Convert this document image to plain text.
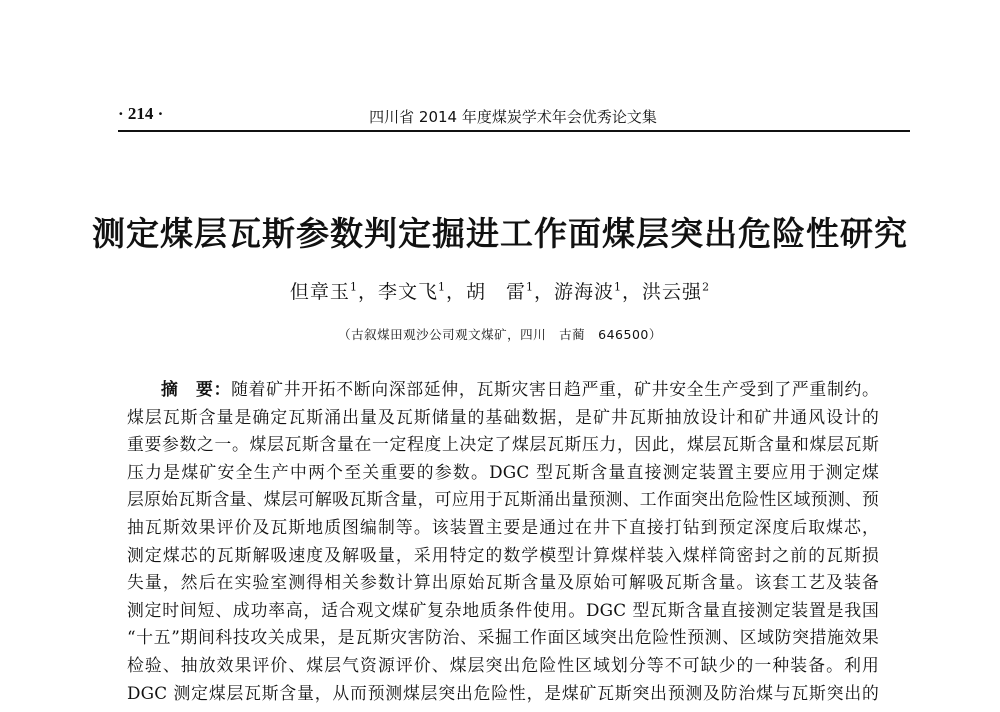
· 214 ·	四川省 2014 年度煤炭学术年会优秀论文集
测定煤层瓦斯参数判定掘进工作面煤层突出危险性研究
但章玉$^1$，李文飞$^1$，胡　雷$^1$，游海波$^1$，洪云强$^2$
（古叙煤田观沙公司观文煤矿，四川　古蔺　646500）
摘　要：随着矿井开拓不断向深部延伸，瓦斯灾害日趋严重，矿井安全生产受到了严重制约。
煤层瓦斯含量是确定瓦斯涌出量及瓦斯储量的基础数据，是矿井瓦斯抽放设计和矿井通风设计的
重要参数之一。煤层瓦斯含量在一定程度上决定了煤层瓦斯压力，因此，煤层瓦斯含量和煤层瓦斯
压力是煤矿安全生产中两个至关重要的参数。DGC 型瓦斯含量直接测定装置主要应用于测定煤
层原始瓦斯含量、煤层可解吸瓦斯含量，可应用于瓦斯涌出量预测、工作面突出危险性区域预测、预
抽瓦斯效果评价及瓦斯地质图编制等。该装置主要是通过在井下直接打钻到预定深度后取煤芯，
测定煤芯的瓦斯解吸速度及解吸量，采用特定的数学模型计算煤样装入煤样筒密封之前的瓦斯损
失量，然后在实验室测得相关参数计算出原始瓦斯含量及原始可解吸瓦斯含量。该套工艺及装备
测定时间短、成功率高，适合观文煤矿复杂地质条件使用。DGC 型瓦斯含量直接测定装置是我国
“十五”期间科技攻关成果，是瓦斯灾害防治、采掘工作面区域突出危险性预测、区域防突措施效果
检验、抽放效果评价、煤层气资源评价、煤层突出危险性区域划分等不可缺少的一种装备。利用
DGC 测定煤层瓦斯含量，从而预测煤层突出危险性，是煤矿瓦斯突出预测及防治煤与瓦斯突出的
